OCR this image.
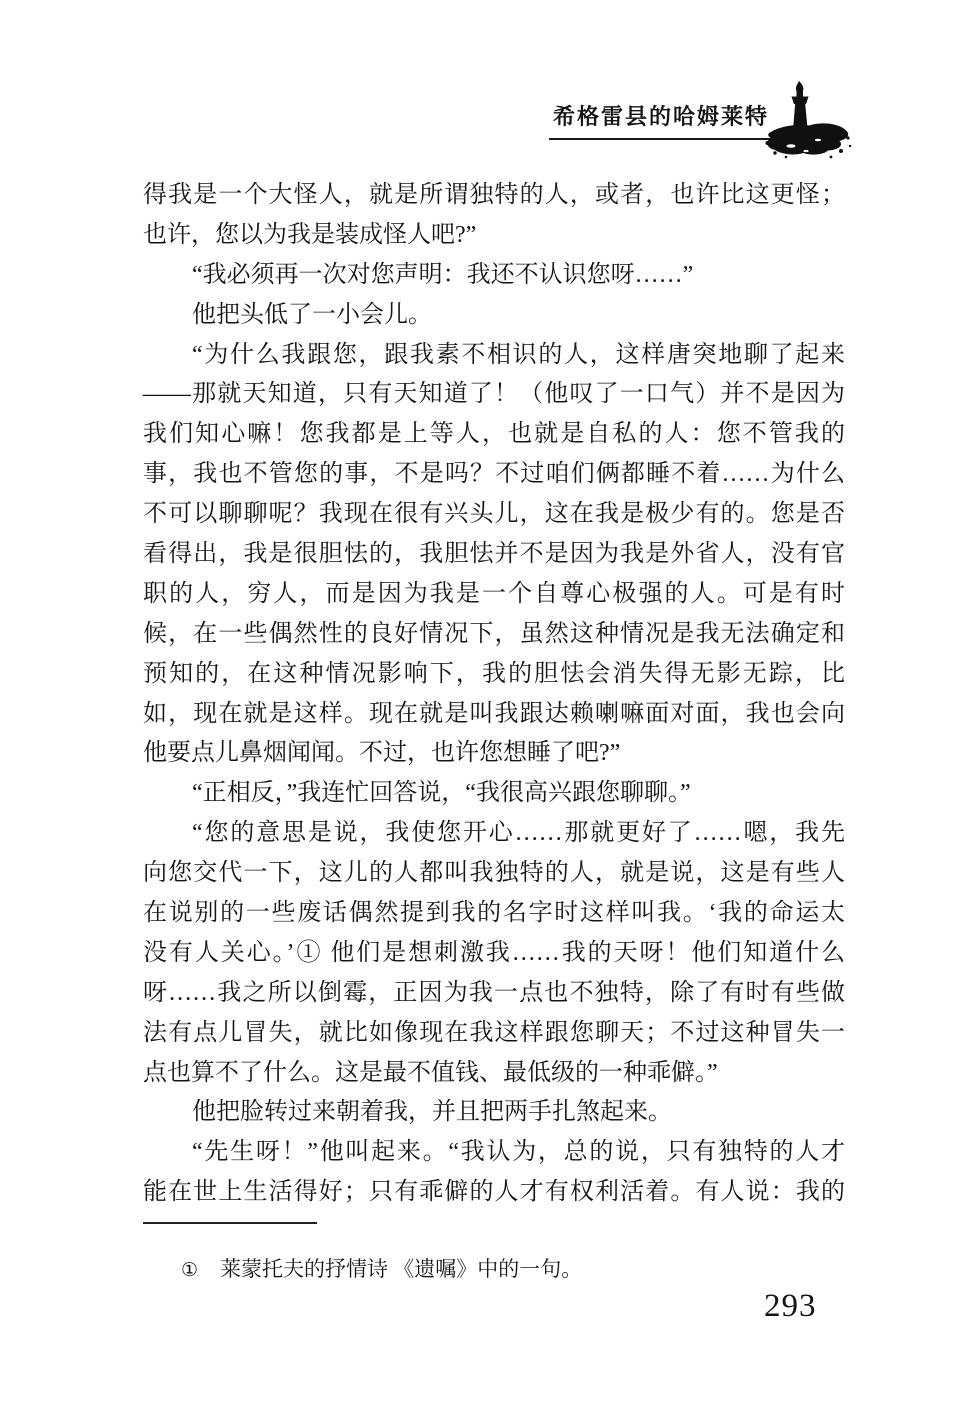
希格雷县的哈姆莱特
得我是一个大怪人，就是所谓独特的人，或者，也许比这更怪；
也许，您以为我是装成怪人吧?”
“我必须再一次对您声明：我还不认识您呀……”
他把头低了一小会儿。
“为什么我跟您，跟我素不相识的人，这样唐突地聊了起来
——那就天知道，只有天知道了！（他叹了一口气）并不是因为
我们知心嘛！您我都是上等人，也就是自私的人：您不管我的
事，我也不管您的事，不是吗？不过咱们俩都睡不着……为什么
不可以聊聊呢？我现在很有兴头儿，这在我是极少有的。您是否
看得出，我是很胆怯的，我胆怯并不是因为我是外省人，没有官
职的人，穷人，而是因为我是一个自尊心极强的人。可是有时
候，在一些偶然性的良好情况下，虽然这种情况是我无法确定和
预知的，在这种情况影响下，我的胆怯会消失得无影无踪，比
如，现在就是这样。现在就是叫我跟达赖喇嘛面对面，我也会向
他要点儿鼻烟闻闻。不过，也许您想睡了吧?”
“正相反，”我连忙回答说，“我很高兴跟您聊聊。”
“您的意思是说，我使您开心……那就更好了……嗯，我先
向您交代一下，这儿的人都叫我独特的人，就是说，这是有些人
在说别的一些废话偶然提到我的名字时这样叫我。‘我的命运太
没有人关心。’① 他们是想刺激我……我的天呀！他们知道什么
呀……我之所以倒霉，正因为我一点也不独特，除了有时有些做
法有点儿冒失，就比如像现在我这样跟您聊天；不过这种冒失一
点也算不了什么。这是最不值钱、最低级的一种乖僻。”
他把脸转过来朝着我，并且把两手扎煞起来。
“先生呀！”他叫起来。“我认为，总的说，只有独特的人才
能在世上生活得好；只有乖僻的人才有权利活着。有人说：我的
① 莱蒙托夫的抒情诗 《遗嘱》中的一句。
293
